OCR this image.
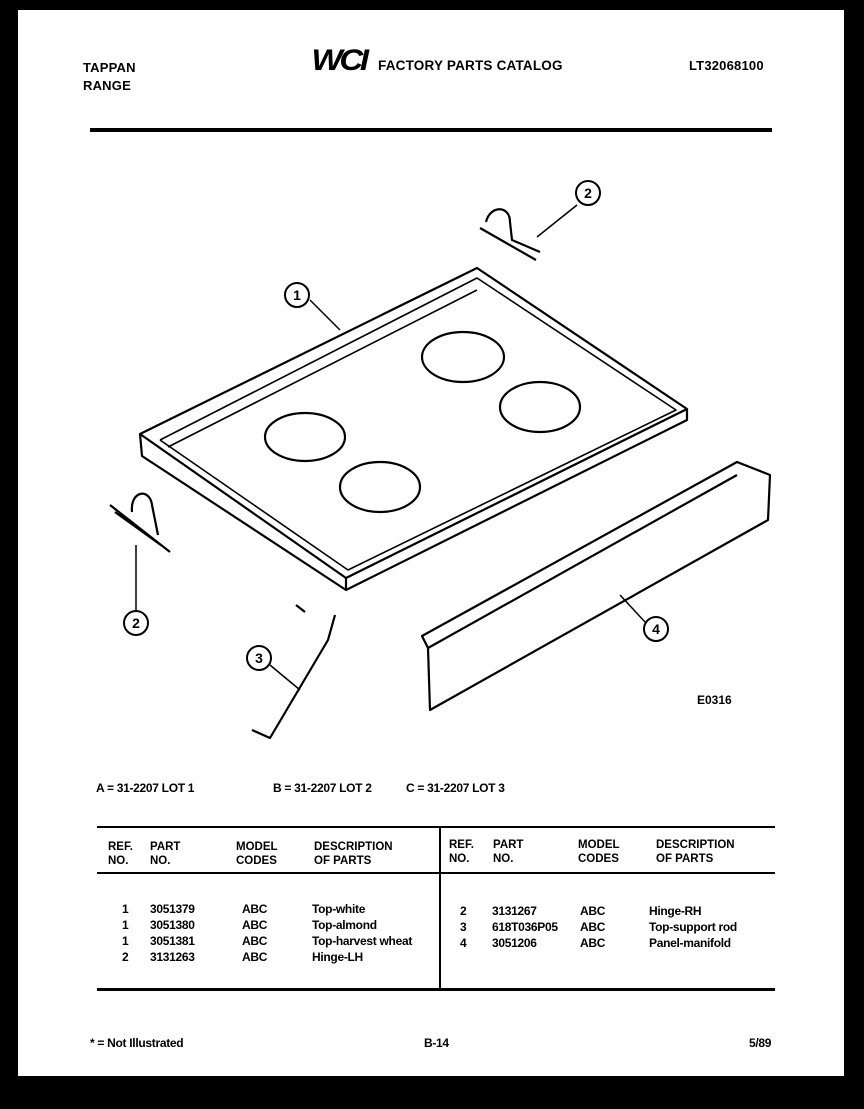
TAPPAN
RANGE
WCI FACTORY PARTS CATALOG	LT32068100
1
2
2
3
4
E0316
A = 31-2207 LOT 1	B = 31-2207 LOT 2	C = 31-2207 LOT 3
REF.
NO.
PART
NO.
MODEL
CODES
DESCRIPTION
OF PARTS
1 3051379	ABC	Top-white
1 3051380	ABC	Top-almond
1 3051381	ABC	Top-harvest wheat
2 3131263	ABC	Hinge-LH
REF.
NO.
PART
NO.
MODEL
CODES
DESCRIPTION
OF PARTS
2 3131267	ABC	Hinge-RH
3 618T036P05 ABC	Top-support rod
4 3051206	ABC	Panel-manifold
* = Not Illustrated	B-14	5/89
